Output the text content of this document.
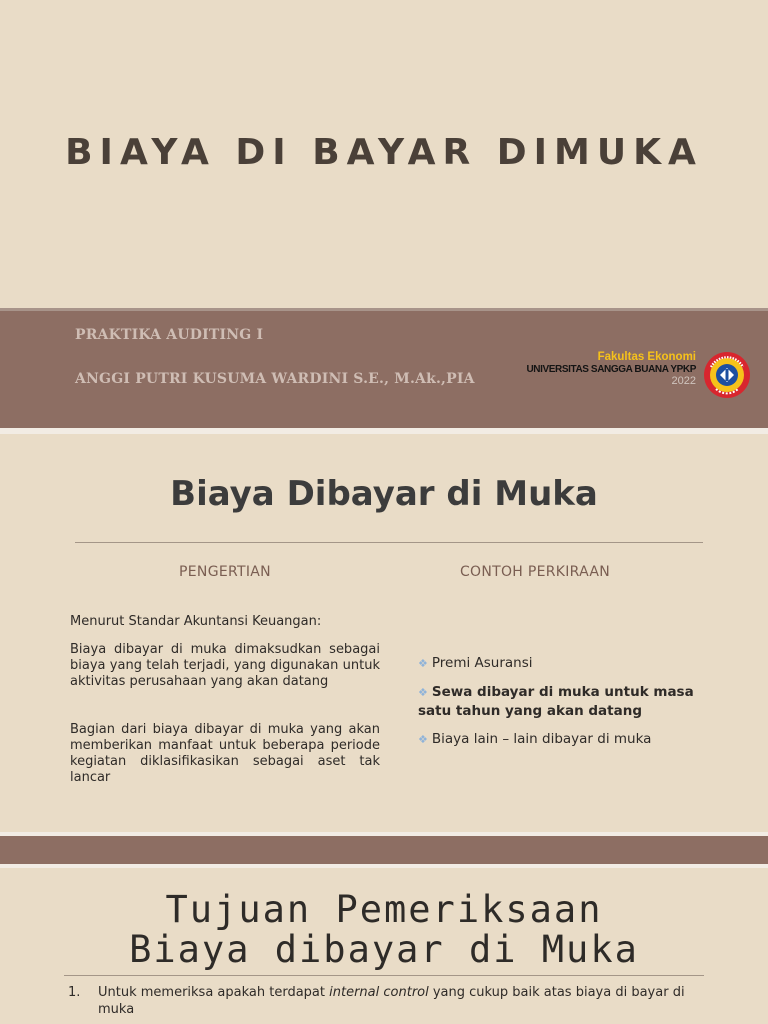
BIAYA DI BAYAR DIMUKA
PRAKTIKA AUDITING I
ANGGI PUTRI KUSUMA WARDINI S.E., M.Ak.,PIA
Fakultas Ekonomi
UNIVERSITAS SANGGA BUANA YPKP
2022
Biaya Dibayar di Muka
PENGERTIAN	CONTOH PERKIRAAN

Menurut Standar Akuntansi Keuangan:

Biaya dibayar di muka dimaksudkan sebagai biaya yang telah terjadi, yang digunakan untuk aktivitas perusahaan yang akan datang

Bagian dari biaya dibayar di muka yang akan memberikan manfaat untuk beberapa periode kegiatan diklasifikasikan sebagai aset tak lancar

❖ Premi Asuransi
❖ Sewa dibayar di muka untuk masa satu tahun yang akan datang
❖ Biaya lain – lain dibayar di muka
Tujuan Pemeriksaan
Biaya dibayar di Muka
1. Untuk memeriksa apakah terdapat internal control yang cukup baik atas biaya di bayar di muka
